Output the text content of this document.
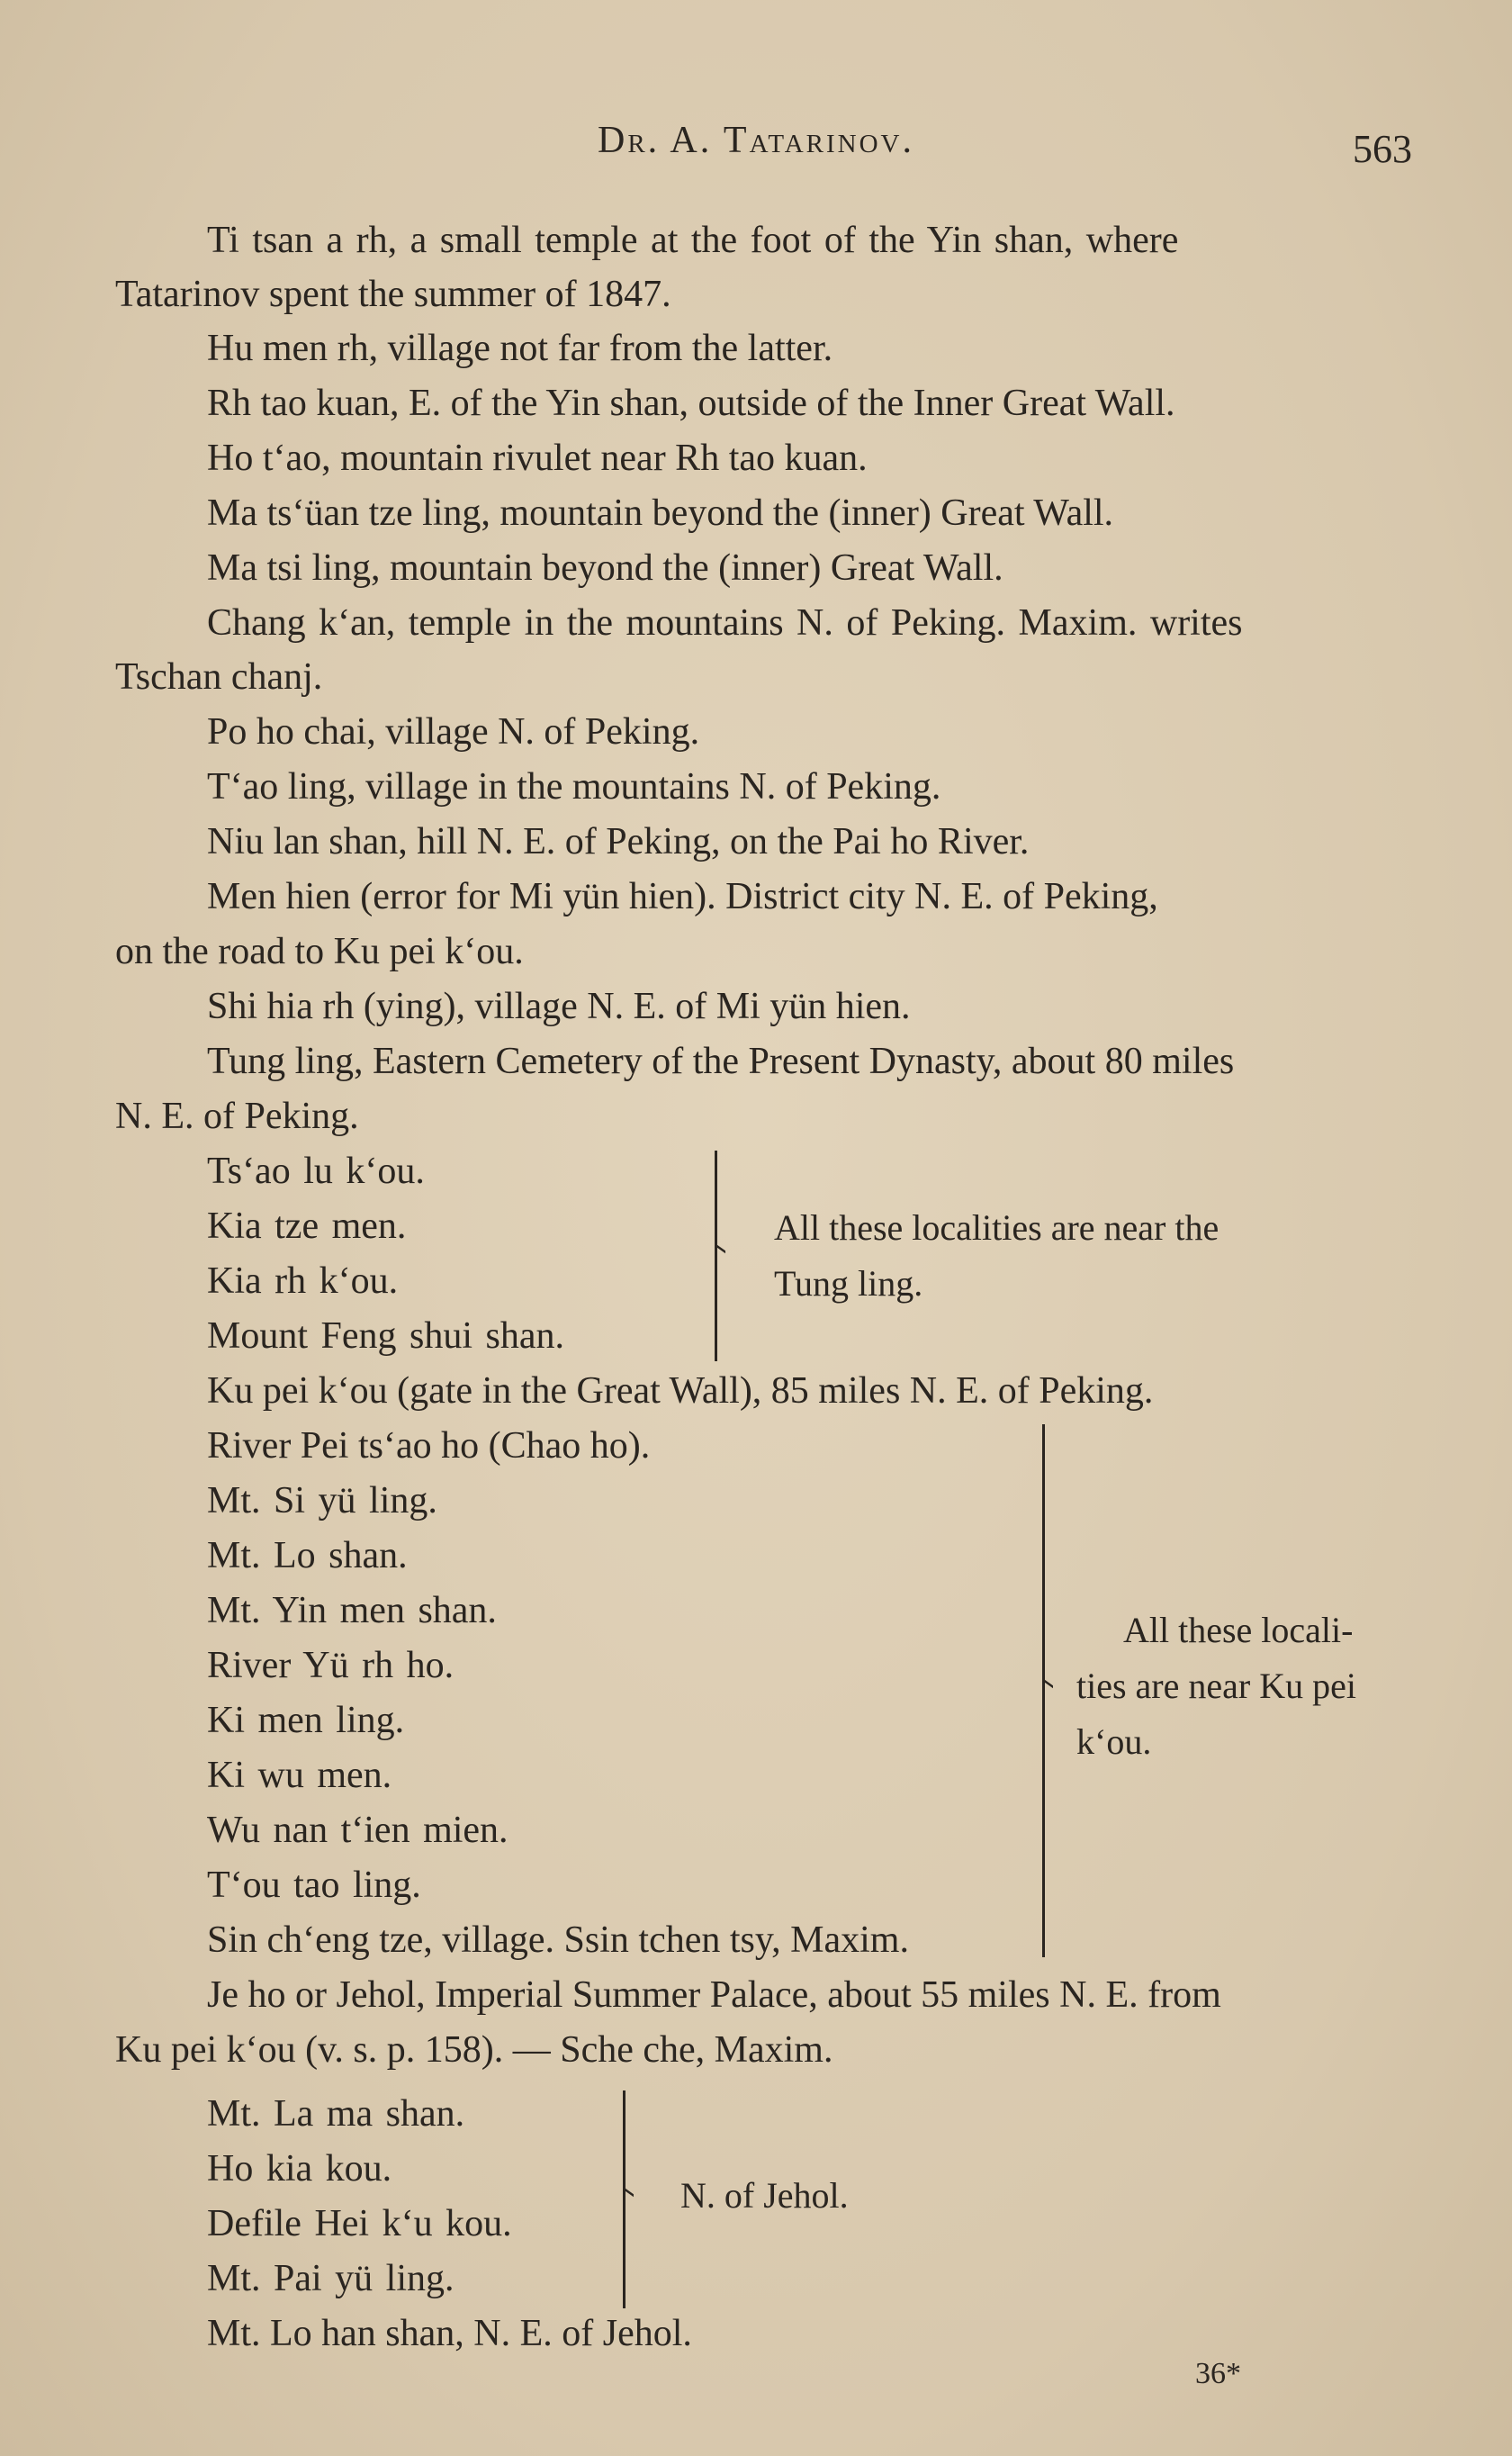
Dr. A. Tatarinov.	563
Ti tsan a rh, a small temple at the foot of the Yin shan, where
Tatarinov spent the summer of 1847.
Hu men rh, village not far from the latter.
Rh tao kuan, E. of the Yin shan, outside of the Inner Great Wall.
Ho t‘ao, mountain rivulet near Rh tao kuan.
Ma ts‘üan tze ling, mountain beyond the (inner) Great Wall.
Ma tsi ling, mountain beyond the (inner) Great Wall.
Chang k‘an, temple in the mountains N. of Peking. Maxim. writes
Tschan chanj.
Po ho chai, village N. of Peking.
T‘ao ling, village in the mountains N. of Peking.
Niu lan shan, hill N. E. of Peking, on the Pai ho River.
Men hien (error for Mi yün hien). District city N. E. of Peking,
on the road to Ku pei k‘ou.
Shi hia rh (ying), village N. E. of Mi yün hien.
Tung ling, Eastern Cemetery of the Present Dynasty, about 80 miles
N. E. of Peking.
Ts‘ao lu k‘ou.
Kia tze men.
Kia rh k‘ou.
Mount Feng shui shan.
All these localities are near the
Tung ling.
Ku pei k‘ou (gate in the Great Wall), 85 miles N. E. of Peking.
River Pei ts‘ao ho (Chao ho).
Mt. Si yü ling.
Mt. Lo shan.
Mt. Yin men shan.
River Yü rh ho.
Ki men ling.
Ki wu men.
Wu nan t‘ien mien.
T‘ou tao ling.
Sin ch‘eng tze, village. Ssin tchen tsy, Maxim.
All these locali-
ties are near Ku pei
k‘ou.
Je ho or Jehol, Imperial Summer Palace, about 55 miles N. E. from
Ku pei k‘ou (v. s. p. 158). — Sche che, Maxim.
Mt. La ma shan.
Ho kia kou.
Defile Hei k‘u kou.
Mt. Pai yü ling.
N. of Jehol.
Mt. Lo han shan, N. E. of Jehol.
36*
